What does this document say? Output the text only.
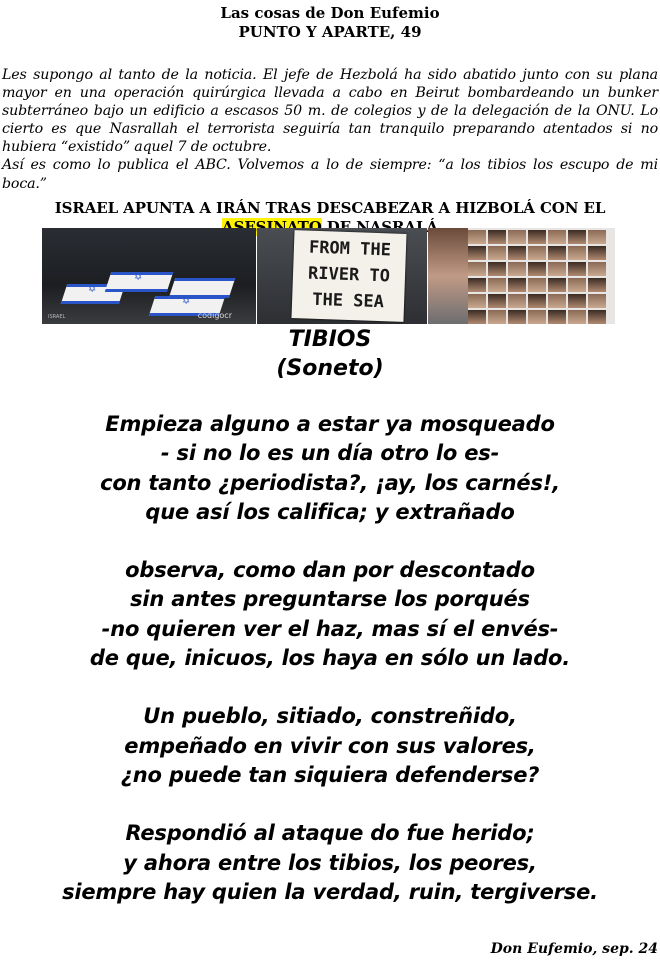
Las cosas de Don Eufemio
PUNTO Y APARTE, 49

Les supongo al tanto de la noticia. El jefe de Hezbolá ha sido abatido junto con su plana mayor en una operación quirúrgica llevada a cabo en Beirut bombardeando un bunker subterráneo bajo un edificio a escasos 50 m. de colegios y de la delegación de la ONU. Lo cierto es que Nasrallah el terrorista seguiría tan tranquilo preparando atentados si no hubiera “existido” aquel 7 de octubre.

Así es como lo publica el ABC. Volvemos a lo de siempre: “a los tibios los escupo de mi boca.”

ISRAEL APUNTA A IRÁN TRAS DESCABEZAR A HIZBOLÁ CON EL
✡
✡
✡
ISRAEL	códigocr
FROM THE
RIVER TO
THE SEA
TIBIOS
(Soneto)
Empieza alguno a estar ya mosqueado
- si no lo es un día otro lo es-
con tanto ¿periodista?, ¡ay, los carnés!,
que así los califica; y extrañado
observa, como dan por descontado
sin antes preguntarse los porqués
-no quieren ver el haz, mas sí el envés-
de que, inicuos, los haya en sólo un lado.
Un pueblo, sitiado, constreñido,
empeñado en vivir con sus valores,
¿no puede tan siquiera defenderse?
Respondió al ataque do fue herido;
y ahora entre los tibios, los peores,
siempre hay quien la verdad, ruin, tergiverse.
Don Eufemio, sep. 24
